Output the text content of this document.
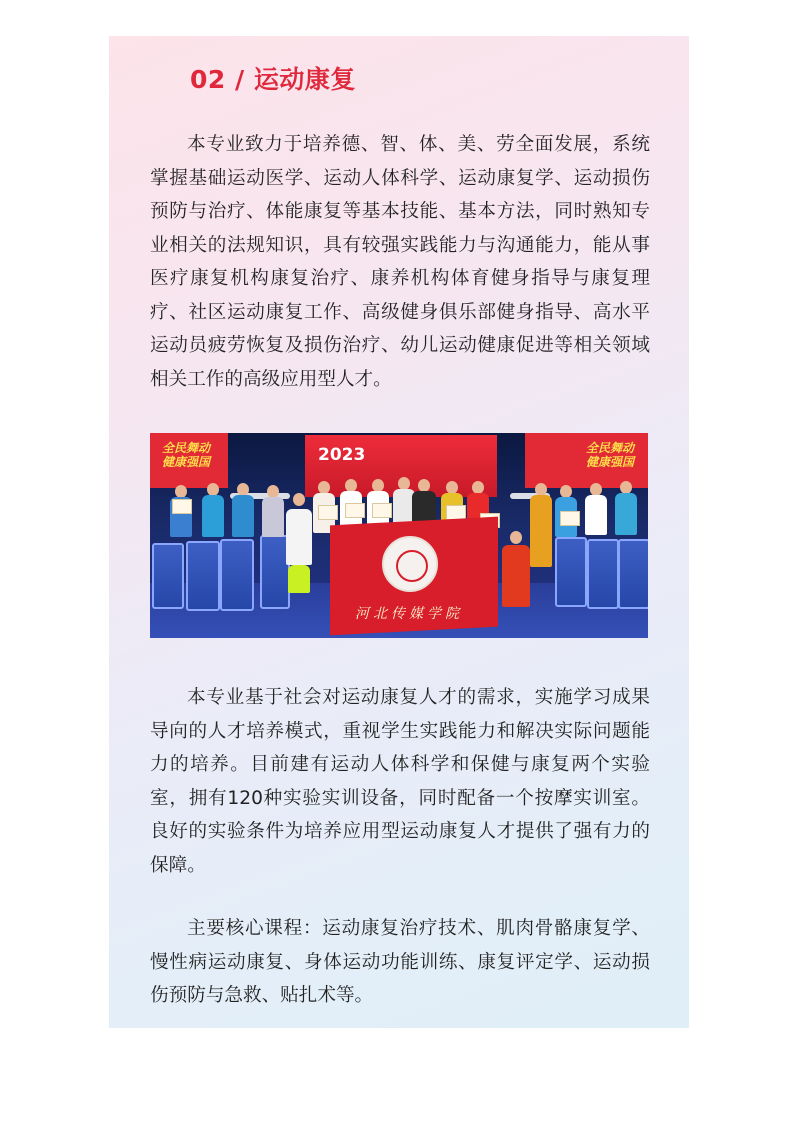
02 / 运动康复
本专业致力于培养德、智、体、美、劳全面发展，系统掌握基础运动医学、运动人体科学、运动康复学、运动损伤预防与治疗、体能康复等基本技能、基本方法，同时熟知专业相关的法规知识，具有较强实践能力与沟通能力，能从事医疗康复机构康复治疗、康养机构体育健身指导与康复理疗、社区运动康复工作、高级健身俱乐部健身指导、高水平运动员疲劳恢复及损伤治疗、幼儿运动健康促进等相关领域相关工作的高级应用型人才。
全民舞动
健康强国	2023	全民舞动
健康强国
河北传媒学院
本专业基于社会对运动康复人才的需求，实施学习成果导向的人才培养模式，重视学生实践能力和解决实际问题能力的培养。目前建有运动人体科学和保健与康复两个实验室，拥有120种实验实训设备，同时配备一个按摩实训室。良好的实验条件为培养应用型运动康复人才提供了强有力的保障。
主要核心课程：运动康复治疗技术、肌肉骨骼康复学、慢性病运动康复、身体运动功能训练、康复评定学、运动损伤预防与急救、贴扎术等。
